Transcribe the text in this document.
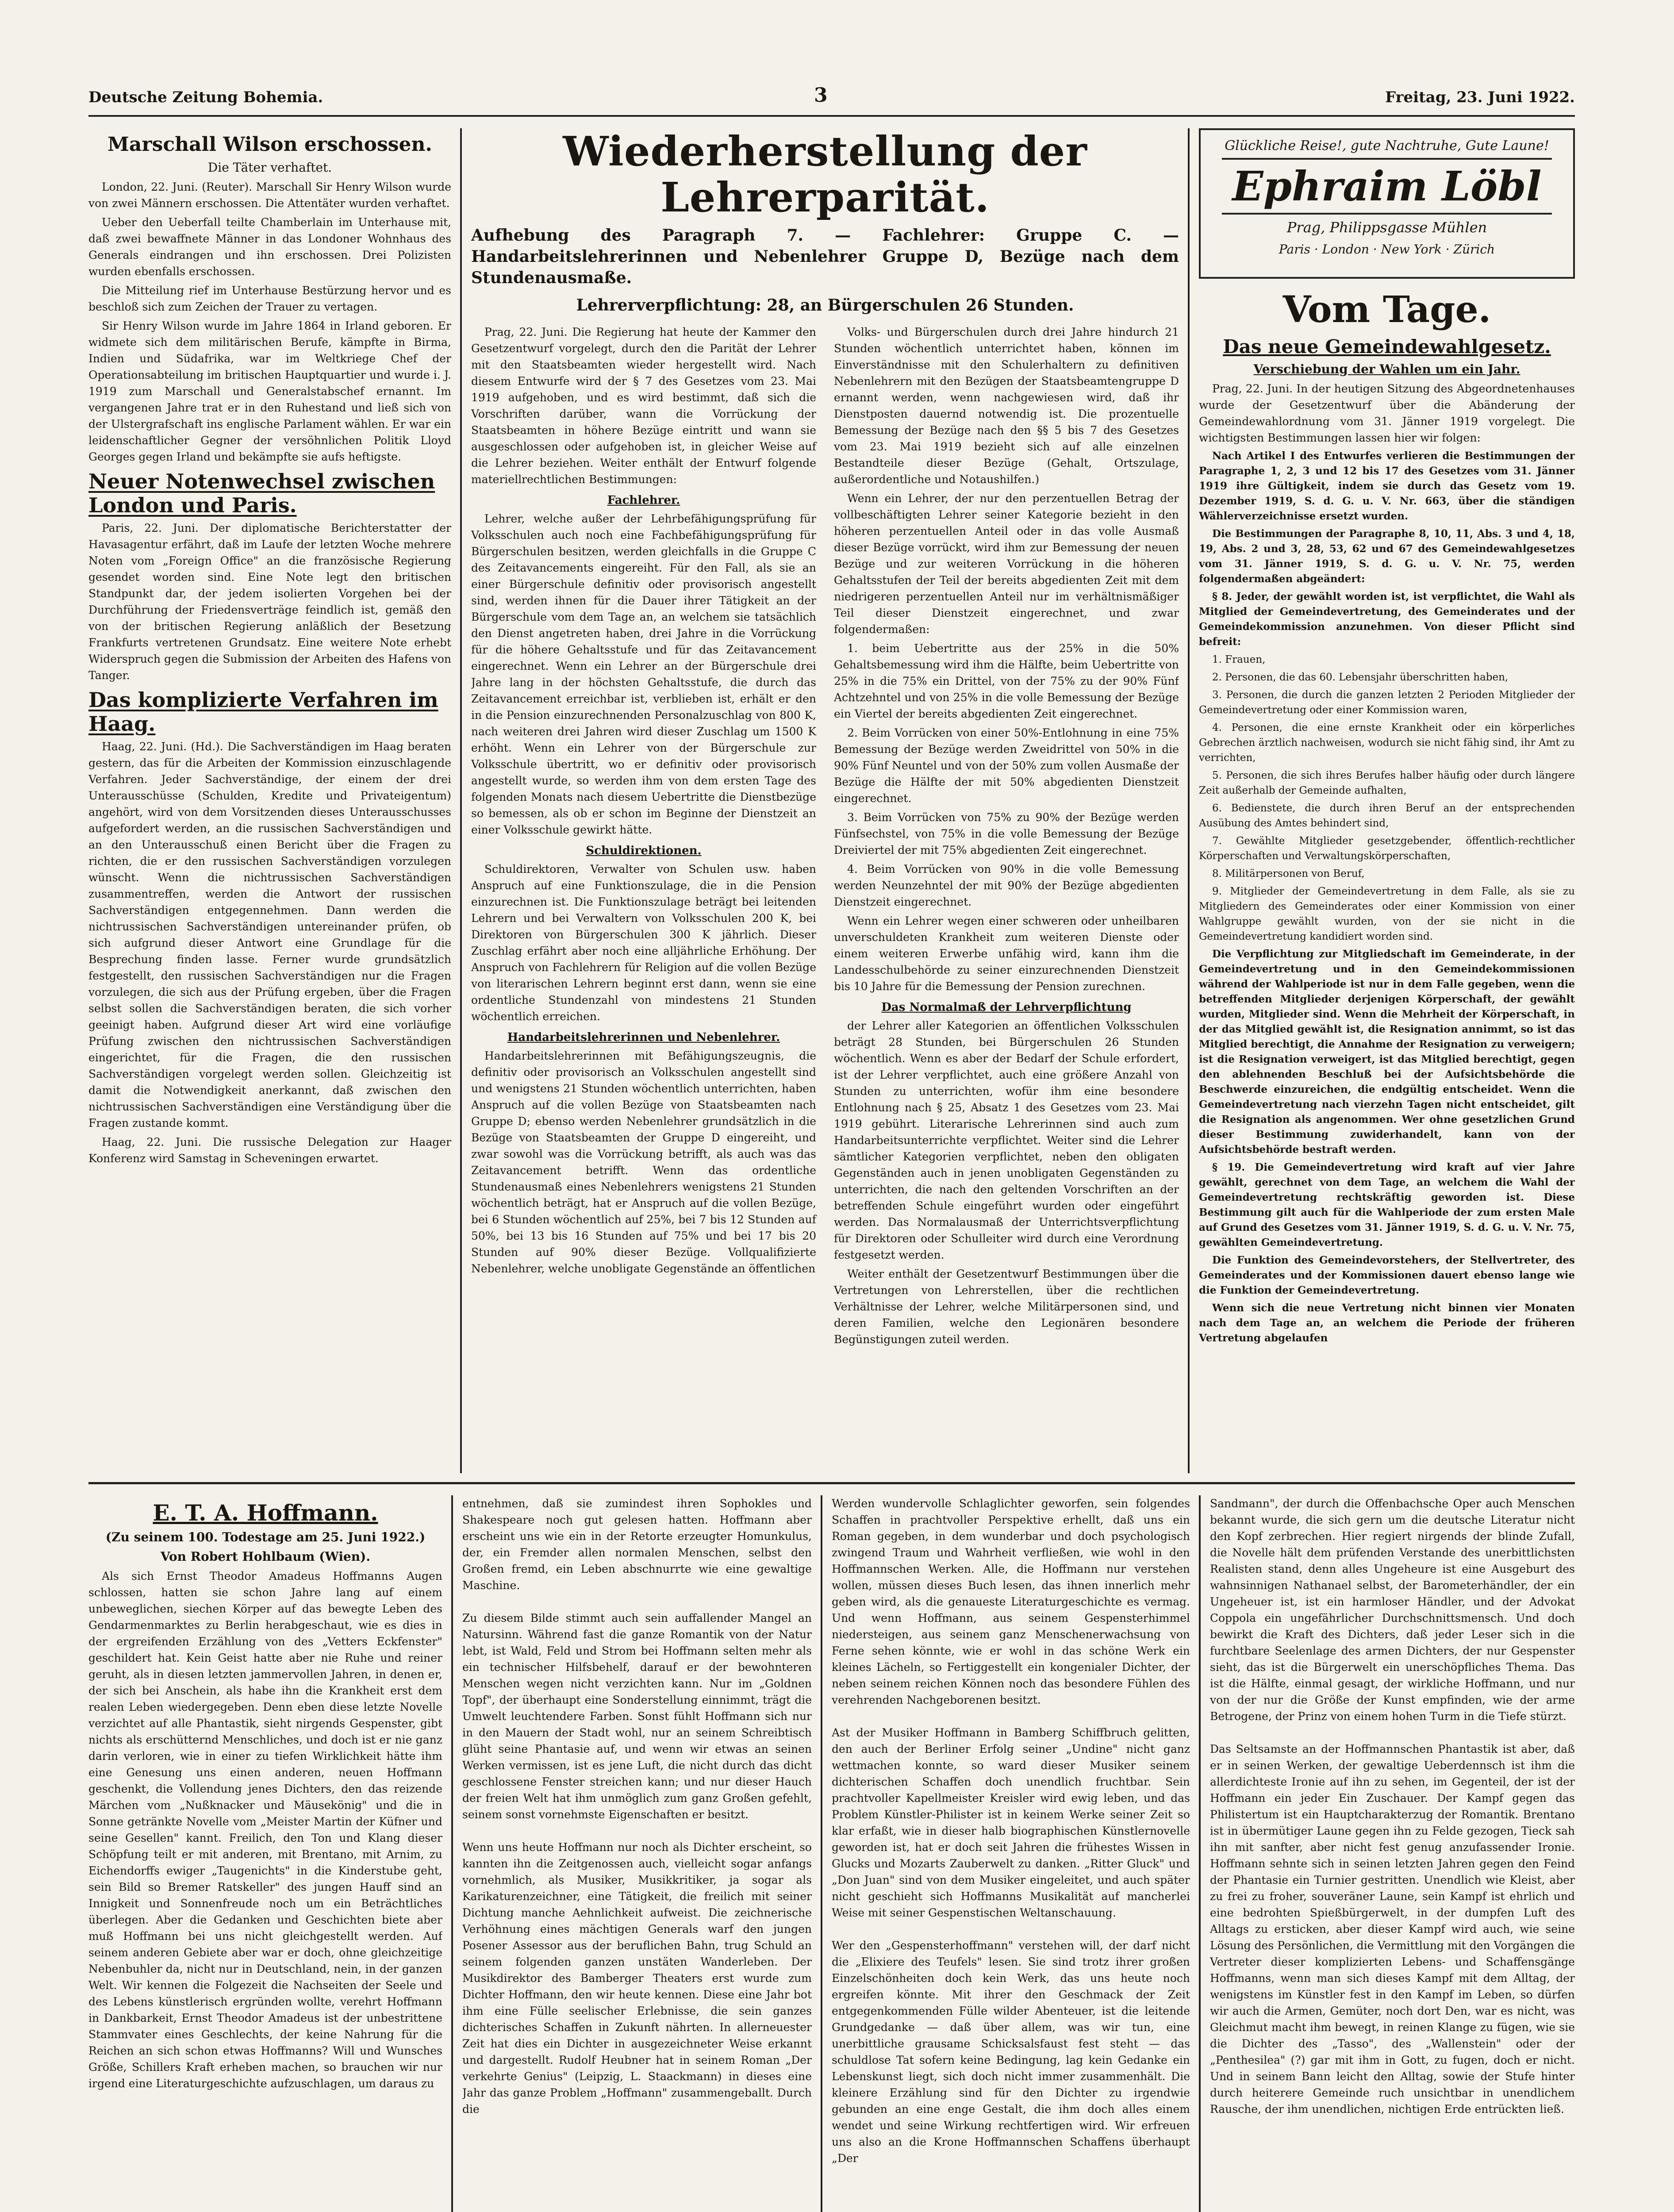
Deutsche Zeitung Bohemia.	3	Freitag, 23. Juni 1922.
Marschall Wilson erschossen.
Die Täter verhaftet.

London, 22. Juni. (Reuter). Marschall Sir Henry Wilson wurde von zwei Männern erschossen. Die Attentäter wurden verhaftet.

Ueber den Ueberfall teilte Chamberlain im Unterhause mit, daß zwei bewaffnete Männer in das Londoner Wohnhaus des Generals eindrangen und ihn erschossen. Drei Polizisten wurden ebenfalls erschossen.

Die Mitteilung rief im Unterhause Bestürzung hervor und es beschloß sich zum Zeichen der Trauer zu vertagen.

Sir Henry Wilson wurde im Jahre 1864 in Irland geboren. Er widmete sich dem militärischen Berufe, kämpfte in Birma, Indien und Südafrika, war im Weltkriege Chef der Operationsabteilung im britischen Hauptquartier und wurde i. J. 1919 zum Marschall und Generalstabschef ernannt. Im vergangenen Jahre trat er in den Ruhestand und ließ sich von der Ulstergrafschaft ins englische Parlament wählen. Er war ein leidenschaftlicher Gegner der versöhnlichen Politik Lloyd Georges gegen Irland und bekämpfte sie aufs heftigste.

Neuer Notenwechsel zwischen London und Paris.

Paris, 22. Juni. Der diplomatische Berichterstatter der Havasagentur erfährt, daß im Laufe der letzten Woche mehrere Noten vom „Foreign Office" an die französische Regierung gesendet worden sind. Eine Note legt den britischen Standpunkt dar, der jedem isolierten Vorgehen bei der Durchführung der Friedensverträge feindlich ist, gemäß den von der britischen Regierung anläßlich der Besetzung Frankfurts vertretenen Grundsatz. Eine weitere Note erhebt Widerspruch gegen die Submission der Arbeiten des Hafens von Tanger.

Das komplizierte Verfahren im Haag.

Haag, 22. Juni. (Hd.). Die Sachverständigen im Haag beraten gestern, das für die Arbeiten der Kommission einzuschlagende Verfahren. Jeder Sachverständige, der einem der drei Unterausschüsse (Schulden, Kredite und Privateigentum) angehört, wird von dem Vorsitzenden dieses Unterausschusses aufgefordert werden, an die russischen Sachverständigen und an den Unterausschuß einen Bericht über die Fragen zu richten, die er den russischen Sachverständigen vorzulegen wünscht. Wenn die nichtrussischen Sachverständigen zusammentreffen, werden die Antwort der russischen Sachverständigen entgegennehmen. Dann werden die nichtrussischen Sachverständigen untereinander prüfen, ob sich aufgrund dieser Antwort eine Grundlage für die Besprechung finden lasse. Ferner wurde grundsätzlich festgestellt, den russischen Sachverständigen nur die Fragen vorzulegen, die sich aus der Prüfung ergeben, über die Fragen selbst sollen die Sachverständigen beraten, die sich vorher geeinigt haben. Aufgrund dieser Art wird eine vorläufige Prüfung zwischen den nichtrussischen Sachverständigen eingerichtet, für die Fragen, die den russischen Sachverständigen vorgelegt werden sollen. Gleichzeitig ist damit die Notwendigkeit anerkannt, daß zwischen den nichtrussischen Sachverständigen eine Verständigung über die Fragen zustande kommt.

Haag, 22. Juni. Die russische Delegation zur Haager Konferenz wird Samstag in Scheveningen erwartet.

Wiederherstellung der Lehrerparität.
Aufhebung des Paragraph 7. — Fachlehrer: Gruppe C. — Handarbeitslehrerinnen und Nebenlehrer Gruppe D, Bezüge nach dem Stundenausmaße.
Lehrerverpflichtung: 28, an Bürgerschulen 26 Stunden.

Prag, 22. Juni. Die Regierung hat heute der Kammer den Gesetzentwurf vorgelegt, durch den die Parität der Lehrer mit den Staatsbeamten wieder hergestellt wird. Nach diesem Entwurfe wird der § 7 des Gesetzes vom 23. Mai 1919 aufgehoben, und es wird bestimmt, daß sich die Vorschriften darüber, wann die Vorrückung der Staatsbeamten in höhere Bezüge eintritt und wann sie ausgeschlossen oder aufgehoben ist, in gleicher Weise auf die Lehrer beziehen. Weiter enthält der Entwurf folgende materiellrechtlichen Bestimmungen:

Fachlehrer.

Lehrer, welche außer der Lehrbefähigungsprüfung für Volksschulen auch noch eine Fachbefähigungsprüfung für Bürgerschulen besitzen, werden gleichfalls in die Gruppe C des Zeitavancements eingereiht. Für den Fall, als sie an einer Bürgerschule definitiv oder provisorisch angestellt sind, werden ihnen für die Dauer ihrer Tätigkeit an der Bürgerschule vom dem Tage an, an welchem sie tatsächlich den Dienst angetreten haben, drei Jahre in die Vorrückung für die höhere Gehaltsstufe und für das Zeitavancement eingerechnet. Wenn ein Lehrer an der Bürgerschule drei Jahre lang in der höchsten Gehaltsstufe, die durch das Zeitavancement erreichbar ist, verblieben ist, erhält er den in die Pension einzurechnenden Personalzuschlag von 800 K, nach weiteren drei Jahren wird dieser Zuschlag um 1500 K erhöht. Wenn ein Lehrer von der Bürgerschule zur Volksschule übertritt, wo er definitiv oder provisorisch angestellt wurde, so werden ihm von dem ersten Tage des folgenden Monats nach diesem Uebertritte die Dienstbezüge so bemessen, als ob er schon im Beginne der Dienstzeit an einer Volksschule gewirkt hätte.

Schuldirektionen.

Schuldirektoren, Verwalter von Schulen usw. haben Anspruch auf eine Funktionszulage, die in die Pension einzurechnen ist. Die Funktionszulage beträgt bei leitenden Lehrern und bei Verwaltern von Volksschulen 200 K, bei Direktoren von Bürgerschulen 300 K jährlich. Dieser Zuschlag erfährt aber noch eine alljährliche Erhöhung. Der Anspruch von Fachlehrern für Religion auf die vollen Bezüge von literarischen Lehrern beginnt erst dann, wenn sie eine ordentliche Stundenzahl von mindestens 21 Stunden wöchentlich erreichen.

Handarbeitslehrerinnen und Nebenlehrer.

Handarbeitslehrerinnen mit Befähigungszeugnis, die definitiv oder provisorisch an Volksschulen angestellt sind und wenigstens 21 Stunden wöchentlich unterrichten, haben Anspruch auf die vollen Bezüge von Staatsbeamten nach Gruppe D; ebenso werden Nebenlehrer grundsätzlich in die Bezüge von Staatsbeamten der Gruppe D eingereiht, und zwar sowohl was die Vorrückung betrifft, als auch was das Zeitavancement betrifft. Wenn das ordentliche Stundenausmaß eines Nebenlehrers wenigstens 21 Stunden wöchentlich beträgt, hat er Anspruch auf die vollen Bezüge, bei 6 Stunden wöchentlich auf 25%, bei 7 bis 12 Stunden auf 50%, bei 13 bis 16 Stunden auf 75% und bei 17 bis 20 Stunden auf 90% dieser Bezüge. Vollqualifizierte Nebenlehrer, welche unobligate Gegenstände an öffentlichen

Volks- und Bürgerschulen durch drei Jahre hindurch 21 Stunden wöchentlich unterrichtet haben, können im Einverständnisse mit den Schulerhaltern zu definitiven Nebenlehrern mit den Bezügen der Staatsbeamtengruppe D ernannt werden, wenn nachgewiesen wird, daß ihr Dienstposten dauernd notwendig ist. Die prozentuelle Bemessung der Bezüge nach den §§ 5 bis 7 des Gesetzes vom 23. Mai 1919 bezieht sich auf alle einzelnen Bestandteile dieser Bezüge (Gehalt, Ortszulage, außerordentliche und Notaushilfen.)

Wenn ein Lehrer, der nur den perzentuellen Betrag der vollbeschäftigten Lehrer seiner Kategorie bezieht in den höheren perzentuellen Anteil oder in das volle Ausmaß dieser Bezüge vorrückt, wird ihm zur Bemessung der neuen Bezüge und zur weiteren Vorrückung in die höheren Gehaltsstufen der Teil der bereits abgedienten Zeit mit dem niedrigeren perzentuellen Anteil nur im verhältnismäßiger Teil dieser Dienstzeit eingerechnet, und zwar folgendermaßen:

1. beim Uebertritte aus der 25% in die 50% Gehaltsbemessung wird ihm die Hälfte, beim Uebertritte von 25% in die 75% ein Drittel, von der 75% zu der 90% Fünf Achtzehntel und von 25% in die volle Bemessung der Bezüge ein Viertel der bereits abgedienten Zeit eingerechnet.

2. Beim Vorrücken von einer 50%-Entlohnung in eine 75% Bemessung der Bezüge werden Zweidrittel von 50% in die 90% Fünf Neuntel und von der 50% zum vollen Ausmaße der Bezüge die Hälfte der mit 50% abgedienten Dienstzeit eingerechnet.

3. Beim Vorrücken von 75% zu 90% der Bezüge werden Fünfsechstel, von 75% in die volle Bemessung der Bezüge Dreiviertel der mit 75% abgedienten Zeit eingerechnet.

4. Beim Vorrücken von 90% in die volle Bemessung werden Neunzehntel der mit 90% der Bezüge abgedienten Dienstzeit eingerechnet.

Wenn ein Lehrer wegen einer schweren oder unheilbaren unverschuldeten Krankheit zum weiteren Dienste oder einem weiteren Erwerbe unfähig wird, kann ihm die Landesschulbehörde zu seiner einzurechnenden Dienstzeit bis 10 Jahre für die Bemessung der Pension zurechnen.

Das Normalmaß der Lehrverpflichtung

der Lehrer aller Kategorien an öffentlichen Volksschulen beträgt 28 Stunden, bei Bürgerschulen 26 Stunden wöchentlich. Wenn es aber der Bedarf der Schule erfordert, ist der Lehrer verpflichtet, auch eine größere Anzahl von Stunden zu unterrichten, wofür ihm eine besondere Entlohnung nach § 25, Absatz 1 des Gesetzes vom 23. Mai 1919 gebührt. Literarische Lehrerinnen sind auch zum Handarbeitsunterrichte verpflichtet. Weiter sind die Lehrer sämtlicher Kategorien verpflichtet, neben den obligaten Gegenständen auch in jenen unobligaten Gegenständen zu unterrichten, die nach den geltenden Vorschriften an der betreffenden Schule eingeführt wurden oder eingeführt werden. Das Normalausmaß der Unterrichtsverpflichtung für Direktoren oder Schulleiter wird durch eine Verordnung festgesetzt werden.

Weiter enthält der Gesetzentwurf Bestimmungen über die Vertretungen von Lehrerstellen, über die rechtlichen Verhältnisse der Lehrer, welche Militärpersonen sind, und deren Familien, welche den Legionären besondere Begünstigungen zuteil werden.

Glückliche Reise!, gute Nachtruhe, Gute Laune!
Ephraim Löbl
Prag, Philippsgasse Mühlen
Paris · London · New York · Zürich
Vom Tage.
Das neue Gemeindewahlgesetz.
Verschiebung der Wahlen um ein Jahr.

Prag, 22. Juni. In der heutigen Sitzung des Abgeordnetenhauses wurde der Gesetzentwurf über die Abänderung der Gemeindewahlordnung vom 31. Jänner 1919 vorgelegt. Die wichtigsten Bestimmungen lassen hier wir folgen:

Nach Artikel I des Entwurfes verlieren die Bestimmungen der Paragraphe 1, 2, 3 und 12 bis 17 des Gesetzes vom 31. Jänner 1919 ihre Gültigkeit, indem sie durch das Gesetz vom 19. Dezember 1919, S. d. G. u. V. Nr. 663, über die ständigen Wählerverzeichnisse ersetzt wurden.

Die Bestimmungen der Paragraphe 8, 10, 11, Abs. 3 und 4, 18, 19, Abs. 2 und 3, 28, 53, 62 und 67 des Gemeindewahlgesetzes vom 31. Jänner 1919, S. d. G. u. V. Nr. 75, werden folgendermaßen abgeändert:

§ 8. Jeder, der gewählt worden ist, ist verpflichtet, die Wahl als Mitglied der Gemeindevertretung, des Gemeinderates und der Gemeindekommission anzunehmen. Von dieser Pflicht sind befreit:

1. Frauen,

2. Personen, die das 60. Lebensjahr überschritten haben,

3. Personen, die durch die ganzen letzten 2 Perioden Mitglieder der Gemeindevertretung oder einer Kommission waren,

4. Personen, die eine ernste Krankheit oder ein körperliches Gebrechen ärztlich nachweisen, wodurch sie nicht fähig sind, ihr Amt zu verrichten,

5. Personen, die sich ihres Berufes halber häufig oder durch längere Zeit außerhalb der Gemeinde aufhalten,

6. Bedienstete, die durch ihren Beruf an der entsprechenden Ausübung des Amtes behindert sind,

7. Gewählte Mitglieder gesetzgebender, öffentlich-rechtlicher Körperschaften und Verwaltungskörperschaften,

8. Militärpersonen von Beruf,

9. Mitglieder der Gemeindevertretung in dem Falle, als sie zu Mitgliedern des Gemeinderates oder einer Kommission von einer Wahlgruppe gewählt wurden, von der sie nicht in die Gemeindevertretung kandidiert worden sind.

Die Verpflichtung zur Mitgliedschaft im Gemeinderate, in der Gemeindevertretung und in den Gemeindekommissionen während der Wahlperiode ist nur in dem Falle gegeben, wenn die betreffenden Mitglieder derjenigen Körperschaft, der gewählt wurden, Mitglieder sind. Wenn die Mehrheit der Körperschaft, in der das Mitglied gewählt ist, die Resignation annimmt, so ist das Mitglied berechtigt, die Annahme der Resignation zu verweigern; ist die Resignation verweigert, ist das Mitglied berechtigt, gegen den ablehnenden Beschluß bei der Aufsichtsbehörde die Beschwerde einzureichen, die endgültig entscheidet. Wenn die Gemeindevertretung nach vierzehn Tagen nicht entscheidet, gilt die Resignation als angenommen. Wer ohne gesetzlichen Grund dieser Bestimmung zuwiderhandelt, kann von der Aufsichtsbehörde bestraft werden.

§ 19. Die Gemeindevertretung wird kraft auf vier Jahre gewählt, gerechnet von dem Tage, an welchem die Wahl der Gemeindevertretung rechtskräftig geworden ist. Diese Bestimmung gilt auch für die Wahlperiode der zum ersten Male auf Grund des Gesetzes vom 31. Jänner 1919, S. d. G. u. V. Nr. 75, gewählten Gemeindevertretung.

Die Funktion des Gemeindevorstehers, der Stellvertreter, des Gemeinderates und der Kommissionen dauert ebenso lange wie die Funktion der Gemeindevertretung.

Wenn sich die neue Vertretung nicht binnen vier Monaten nach dem Tage an, an welchem die Periode der früheren Vertretung abgelaufen

E. T. A. Hoffmann.
(Zu seinem 100. Todestage am 25. Juni 1922.)
Von Robert Hohlbaum (Wien).

Als sich Ernst Theodor Amadeus Hoffmanns Augen schlossen, hatten sie schon Jahre lang auf einem unbeweglichen, siechen Körper auf das bewegte Leben des Gendarmenmarktes zu Berlin herabgeschaut, wie es dies in der ergreifenden Erzählung von des „Vetters Eckfenster" geschildert hat. Kein Geist hatte aber nie Ruhe und reiner geruht, als in diesen letzten jammervollen Jahren, in denen er, der sich bei Anschein, als habe ihn die Krankheit erst dem realen Leben wiedergegeben. Denn eben diese letzte Novelle verzichtet auf alle Phantastik, sieht nirgends Gespenster, gibt nichts als erschütternd Menschliches, und doch ist er nie ganz darin verloren, wie in einer zu tiefen Wirklichkeit hätte ihm eine Genesung uns einen anderen, neuen Hoffmann geschenkt, die Vollendung jenes Dichters, den das reizende Märchen vom „Nußknacker und Mäusekönig" und die in Sonne getränkte Novelle vom „Meister Martin der Küfner und seine Gesellen" kannt. Freilich, den Ton und Klang dieser Schöpfung teilt er mit anderen, mit Brentano, mit Arnim, zu Eichendorffs ewiger „Taugenichts" in die Kinderstube geht, sein Bild so Bremer Ratskeller" des jungen Hauff sind an Innigkeit und Sonnenfreude noch um ein Beträchtliches überlegen. Aber die Gedanken und Geschichten biete aber muß Hoffmann bei uns nicht gleichgestellt werden. Auf seinem anderen Gebiete aber war er doch, ohne gleichzeitige Nebenbuhler da, nicht nur in Deutschland, nein, in der ganzen Welt. Wir kennen die Folgezeit die Nachseiten der Seele und des Lebens künstlerisch ergründen wollte, verehrt Hoffmann in Dankbarkeit, Ernst Theodor Amadeus ist der unbestrittene Stammvater eines Geschlechts, der keine Nahrung für die Reichen an sich schon etwas Hoffmanns? Will und Wunsches Größe, Schillers Kraft erheben machen, so brauchen wir nur irgend eine Literaturgeschichte aufzuschlagen, um daraus zu

entnehmen, daß sie zumindest ihren Sophokles und Shakespeare noch gut gelesen hatten. Hoffmann aber erscheint uns wie ein in der Retorte erzeugter Homunkulus, der, ein Fremder allen normalen Menschen, selbst den Großen fremd, ein Leben abschnurrte wie eine gewaltige Maschine.

Zu diesem Bilde stimmt auch sein auffallender Mangel an Natursinn. Während fast die ganze Romantik von der Natur lebt, ist Wald, Feld und Strom bei Hoffmann selten mehr als ein technischer Hilfsbehelf, darauf er der bewohnteren Menschen wegen nicht verzichten kann. Nur im „Goldnen Topf", der überhaupt eine Sonderstellung einnimmt, trägt die Umwelt leuchtendere Farben. Sonst fühlt Hoffmann sich nur in den Mauern der Stadt wohl, nur an seinem Schreibtisch glüht seine Phantasie auf, und wenn wir etwas an seinen Werken vermissen, ist es jene Luft, die nicht durch das dicht geschlossene Fenster streichen kann; und nur dieser Hauch der freien Welt hat ihm unmöglich zum ganz Großen gefehlt, seinem sonst vornehmste Eigenschaften er besitzt.

Wenn uns heute Hoffmann nur noch als Dichter erscheint, so kannten ihn die Zeitgenossen auch, vielleicht sogar anfangs vornehmlich, als Musiker, Musikkritiker, ja sogar als Karikaturenzeichner, eine Tätigkeit, die freilich mit seiner Dichtung manche Aehnlichkeit aufweist. Die zeichnerische Verhöhnung eines mächtigen Generals warf den jungen Posener Assessor aus der beruflichen Bahn, trug Schuld an seinem folgenden ganzen unstäten Wanderleben. Der Musikdirektor des Bamberger Theaters erst wurde zum Dichter Hoffmann, den wir heute kennen. Diese eine Jahr bot ihm eine Fülle seelischer Erlebnisse, die sein ganzes dichterisches Schaffen in Zukunft nährten. In allerneuester Zeit hat dies ein Dichter in ausgezeichneter Weise erkannt und dargestellt. Rudolf Heubner hat in seinem Roman „Der verkehrte Genius" (Leipzig, L. Staackmann) in dieses eine Jahr das ganze Problem „Hoffmann" zusammengeballt. Durch die

Werden wundervolle Schlaglichter geworfen, sein folgendes Schaffen in prachtvoller Perspektive erhellt, daß uns ein Roman gegeben, in dem wunderbar und doch psychologisch zwingend Traum und Wahrheit verfließen, wie wohl in den Hoffmannschen Werken. Alle, die Hoffmann nur verstehen wollen, müssen dieses Buch lesen, das ihnen innerlich mehr geben wird, als die genaueste Literaturgeschichte es vermag. Und wenn Hoffmann, aus seinem Gespensterhimmel niedersteigen, aus seinem ganz Menschenerwachsung von Ferne sehen könnte, wie er wohl in das schöne Werk ein kleines Lächeln, so Fertiggestellt ein kongenialer Dichter, der neben seinem reichen Können noch das besondere Fühlen des verehrenden Nachgeborenen besitzt.

Ast der Musiker Hoffmann in Bamberg Schiffbruch gelitten, den auch der Berliner Erfolg seiner „Undine" nicht ganz wettmachen konnte, so ward dieser Musiker seinem dichterischen Schaffen doch unendlich fruchtbar. Sein prachtvoller Kapellmeister Kreisler wird ewig leben, und das Problem Künstler-Philister ist in keinem Werke seiner Zeit so klar erfaßt, wie in dieser halb biographischen Künstlernovelle geworden ist, hat er doch seit Jahren die frühestes Wissen in Glucks und Mozarts Zauberwelt zu danken. „Ritter Gluck" und „Don Juan" sind von dem Musiker eingeleitet, und auch später nicht geschieht sich Hoffmanns Musikalität auf mancherlei Weise mit seiner Gespenstischen Weltanschauung.

Wer den „Gespensterhoffmann" verstehen will, der darf nicht die „Elixiere des Teufels" lesen. Sie sind trotz ihrer großen Einzelschönheiten doch kein Werk, das uns heute noch ergreifen könnte. Mit ihrer den Geschmack der Zeit entgegenkommenden Fülle wilder Abenteuer, ist die leitende Grundgedanke — daß über allem, was wir tun, eine unerbittliche grausame Schicksalsfaust fest steht — das schuldlose Tat sofern keine Bedingung, lag kein Gedanke ein Lebenskunst liegt, sich doch nicht immer zusammenhält. Die kleinere Erzählung sind für den Dichter zu irgendwie gebunden an eine enge Gestalt, die ihm doch alles einem wendet und seine Wirkung rechtfertigen wird. Wir erfreuen uns also an die Krone Hoffmannschen Schaffens überhaupt „Der

Sandmann", der durch die Offenbachsche Oper auch Menschen bekannt wurde, die sich gern um die deutsche Literatur nicht den Kopf zerbrechen. Hier regiert nirgends der blinde Zufall, die Novelle hält dem prüfenden Verstande des unerbittlichsten Realisten stand, denn alles Ungeheure ist eine Ausgeburt des wahnsinnigen Nathanael selbst, der Barometerhändler, der ein Ungeheuer ist, ist ein harmloser Händler, und der Advokat Coppola ein ungefährlicher Durchschnittsmensch. Und doch bewirkt die Kraft des Dichters, daß jeder Leser sich in die furchtbare Seelenlage des armen Dichters, der nur Gespenster sieht, das ist die Bürgerwelt ein unerschöpfliches Thema. Das ist die Hälfte, einmal gesagt, der wirkliche Hoffmann, und nur von der nur die Größe der Kunst empfinden, wie der arme Betrogene, der Prinz von einem hohen Turm in die Tiefe stürzt.

Das Seltsamste an der Hoffmannschen Phantastik ist aber, daß er in seinen Werken, der gewaltige Ueberdennsch ist ihm die allerdichteste Ironie auf ihn zu sehen, im Gegenteil, der ist der Hoffmann ein jeder Ein Zuschauer. Der Kampf gegen das Philistertum ist ein Hauptcharakterzug der Romantik. Brentano ist in übermütiger Laune gegen ihn zu Felde gezogen, Tieck sah ihn mit sanfter, aber nicht fest genug anzufassender Ironie. Hoffmann sehnte sich in seinen letzten Jahren gegen den Feind der Phantasie ein Turnier gestritten. Unendlich wie Kleist, aber zu frei zu froher, souveräner Laune, sein Kampf ist ehrlich und eine bedrohten Spießbürgerwelt, in der dumpfen Luft des Alltags zu ersticken, aber dieser Kampf wird auch, wie seine Lösung des Persönlichen, die Vermittlung mit den Vorgängen die Vertreter dieser komplizierten Lebens- und Schaffensgänge Hoffmanns, wenn man sich dieses Kampf mit dem Alltag, der wenigstens im Künstler fest in den Kampf im Leben, so dürfen wir auch die Armen, Gemüter, noch dort Den, war es nicht, was Gleichmut macht ihm bewegt, in reinen Klange zu fügen, wie sie die Dichter des „Tasso", des „Wallenstein" oder der „Penthesilea" (?) gar mit ihm in Gott, zu fugen, doch er nicht. Und in seinem Bann leicht den Alltag, sowie der Stufe hinter durch heiterere Gemeinde ruch unsichtbar in unendlichem Rausche, der ihm unendlichen, nichtigen Erde entrückten ließ.
